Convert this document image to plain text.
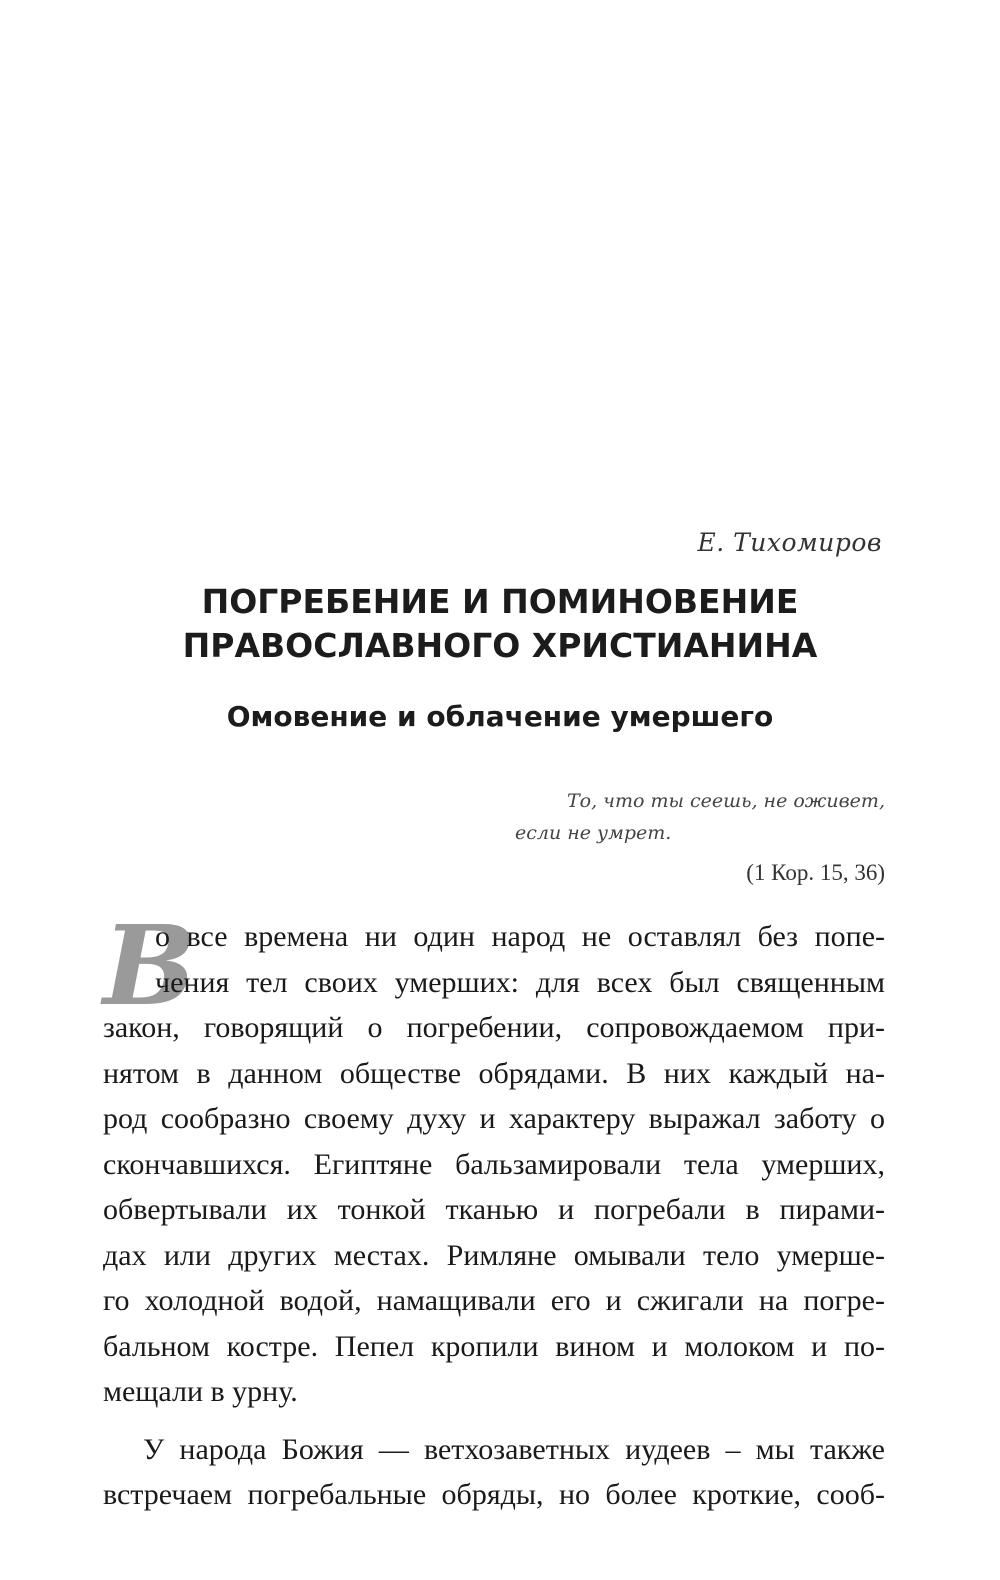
Е. Тихомиров
ПОГРЕБЕНИЕ И ПОМИНОВЕНИЕ
ПРАВОСЛАВНОГО ХРИСТИАНИНА
Омовение и облачение умершего
То, что ты сеешь, не оживет,
если не умрет.
(1 Кор. 15, 36)
В

о все времена ни один народ не оставлял без попе-
чения тел своих умерших: для всех был священным
закон, говорящий о погребении, сопровождаемом при-
нятом в данном обществе обрядами. В них каждый на-
род сообразно своему духу и характеру выражал заботу о
скончавшихся. Египтяне бальзамировали тела умерших,
обвертывали их тонкой тканью и погребали в пирами-
дах или других местах. Римляне омывали тело умерше-
го холодной водой, намащивали его и сжигали на погре-
бальном костре. Пепел кропили вином и молоком и по-
мещали в урну.

У народа Божия — ветхозаветных иудеев – мы также
встречаем погребальные обряды, но более кроткие, сооб-
